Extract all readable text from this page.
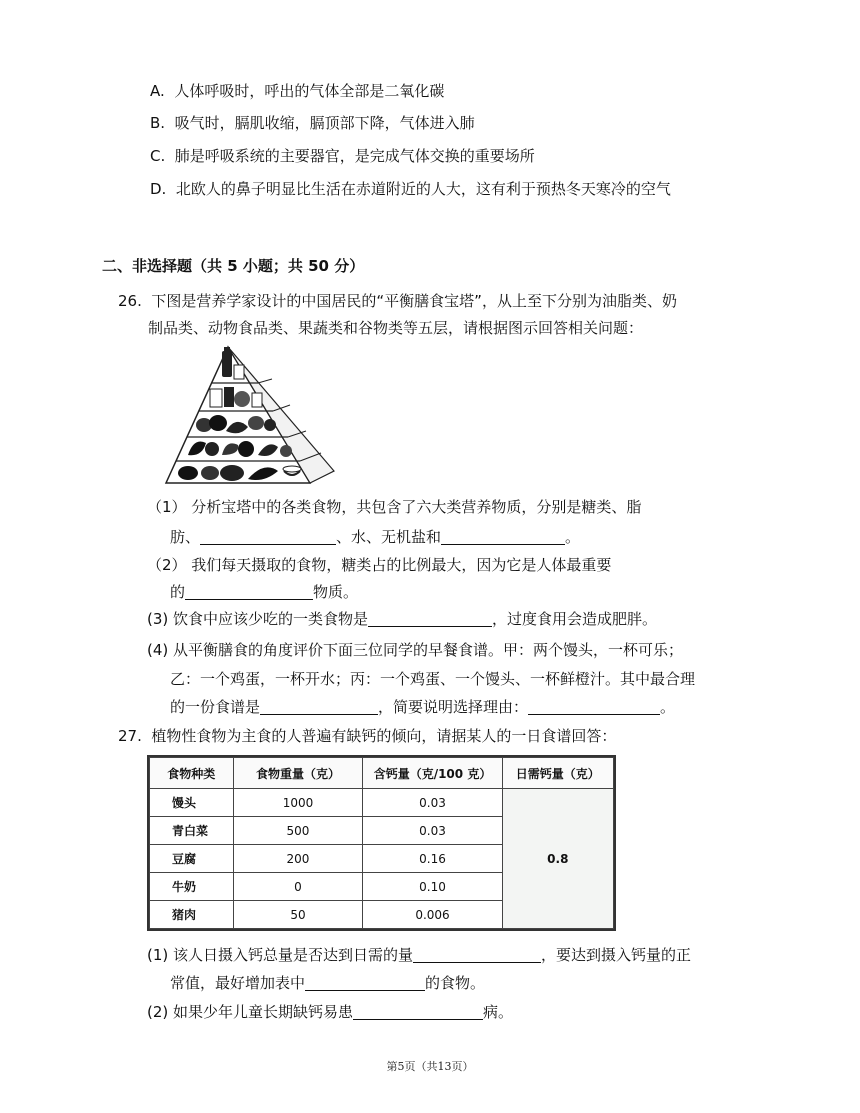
A. 人体呼吸时，呼出的气体全部是二氧化碳
B. 吸气时，膈肌收缩，膈顶部下降，气体进入肺
C. 肺是呼吸系统的主要器官，是完成气体交换的重要场所
D. 北欧人的鼻子明显比生活在赤道附近的人大，这有利于预热冬天寒冷的空气
二、非选择题（共 5 小题；共 50 分）
26. 下图是营养学家设计的中国居民的“平衡膳食宝塔”，从上至下分别为油脂类、奶
制品类、动物食品类、果蔬类和谷物类等五层，请根据图示回答相关问题：
（1） 分析宝塔中的各类食物，共包含了六大类营养物质，分别是糖类、脂
肪、	、水、无机盐和	。
（2） 我们每天摄取的食物，糖类占的比例最大，因为它是人体最重要
的	物质。
(3) 饮食中应该少吃的一类食物是	，过度食用会造成肥胖。
(4) 从平衡膳食的角度评价下面三位同学的早餐食谱。甲：两个馒头，一杯可乐；
乙：一个鸡蛋，一杯开水；丙：一个鸡蛋、一个馒头、一杯鲜橙汁。其中最合理
的一份食谱是	，简要说明选择理由：	。
27. 植物性食物为主食的人普遍有缺钙的倾向，请据某人的一日食谱回答：
食物种类	食物重量（克）	含钙量（克/100 克）	日需钙量（克）
馒头	1000	0.03	0.8
青白菜	500	0.03	
豆腐	200	0.16	
牛奶	0	0.10	
猪肉	50	0.006	
(1) 该人日摄入钙总量是否达到日需的量	，要达到摄入钙量的正
常值，最好增加表中	的食物。
(2) 如果少年儿童长期缺钙易患	病。
第5页（共13页）
